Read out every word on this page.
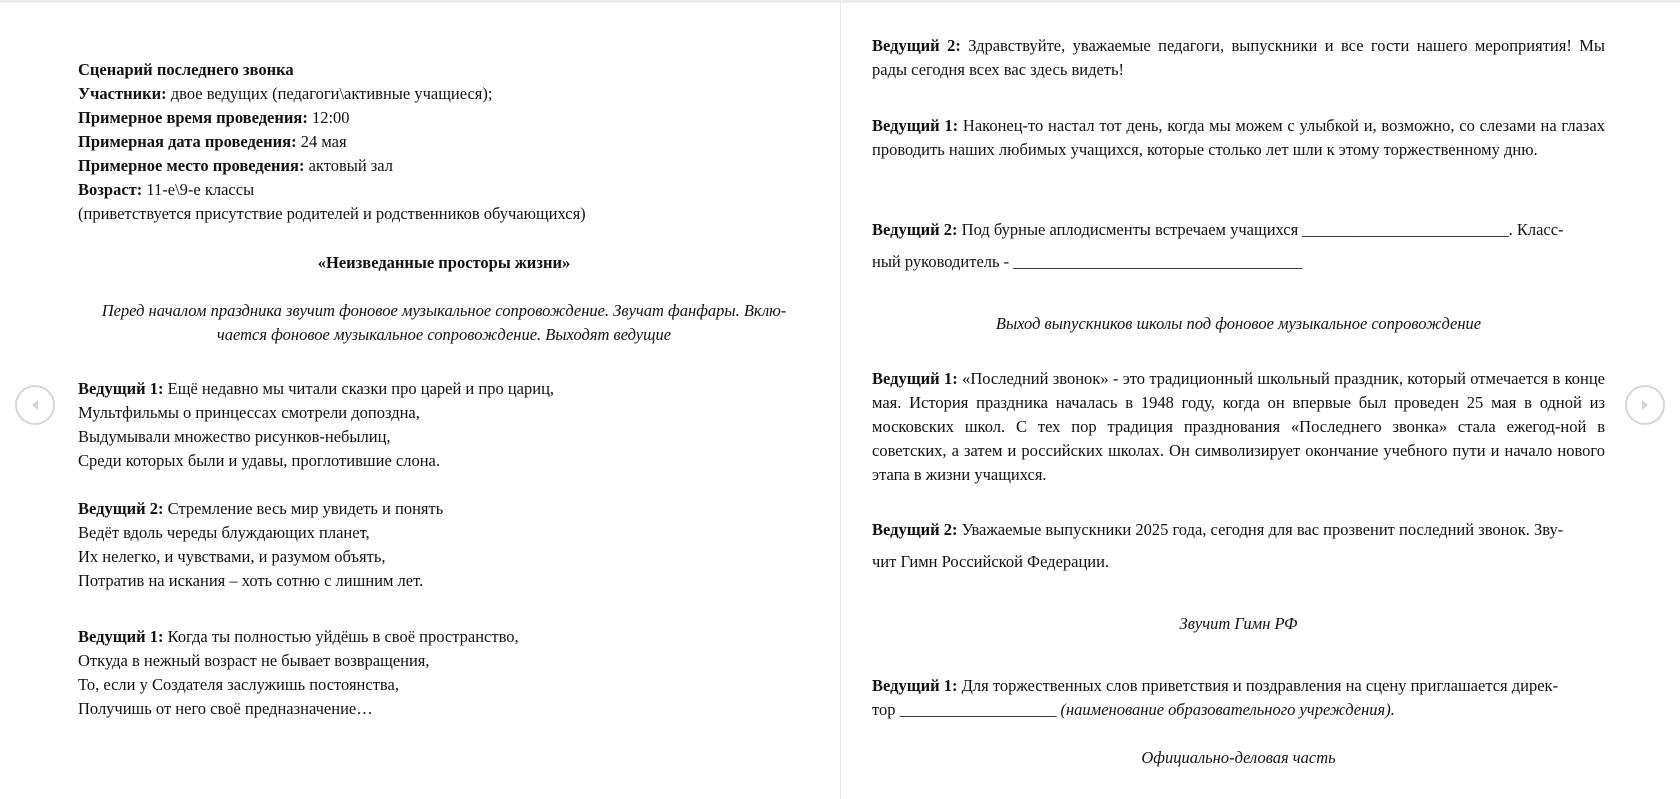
Сценарий последнего звонка

Участники: двое ведущих (педагоги\активные учащиеся);

Примерное время проведения: 12:00

Примерная дата проведения: 24 мая

Примерное место проведения: актовый зал

Возраст: 11-е\9-е классы

(приветствуется присутствие родителей и родственников обучающихся)

«Неизведанные просторы жизни»

Перед началом праздника звучит фоновое музыкальное сопровождение. Звучат фанфары. Вклю-

чается фоновое музыкальное сопровождение. Выходят ведущие

Ведущий 1: Ещё недавно мы читали сказки про царей и про цариц,

Мультфильмы о принцессах смотрели допоздна,

Выдумывали множество рисунков-небылиц,

Среди которых были и удавы, проглотившие слона.

Ведущий 2: Стремление весь мир увидеть и понять

Ведёт вдоль череды блуждающих планет,

Их нелегко, и чувствами, и разумом объять,

Потратив на искания – хоть сотню с лишним лет.

Ведущий 1: Когда ты полностью уйдёшь в своё пространство,

Откуда в нежный возраст не бывает возвращения,

То, если у Создателя заслужишь постоянства,

Получишь от него своё предназначение…

Ведущий 2: Здравствуйте, уважаемые педагоги, выпускники и все гости нашего мероприятия! Мы рады сегодня всех вас здесь видеть!

Ведущий 1: Наконец-то настал тот день, когда мы можем с улыбкой и, возможно, со слезами на глазах проводить наших любимых учащихся, которые столько лет шли к этому торжественному дню.

Ведущий 2: Под бурные аплодисменты встречаем учащихся _________________________. Класс-

ный руководитель - ___________________________________

Выход выпускников школы под фоновое музыкальное сопровождение

Ведущий 1: «Последний звонок» - это традиционный школьный праздник, который отмечается в конце мая. История праздника началась в 1948 году, когда он впервые был проведен 25 мая в одной из московских школ. С тех пор традиция празднования «Последнего звонка» стала ежегод-ной в советских, а затем и российских школах. Он символизирует окончание учебного пути и начало нового этапа в жизни учащихся.

Ведущий 2: Уважаемые выпускники 2025 года, сегодня для вас прозвенит последний звонок. Зву-

чит Гимн Российской Федерации.

Звучит Гимн РФ

Ведущий 1: Для торжественных слов приветствия и поздравления на сцену приглашается дирек-

тор ___________________ (наименование образовательного учреждения).

Официально-деловая часть
